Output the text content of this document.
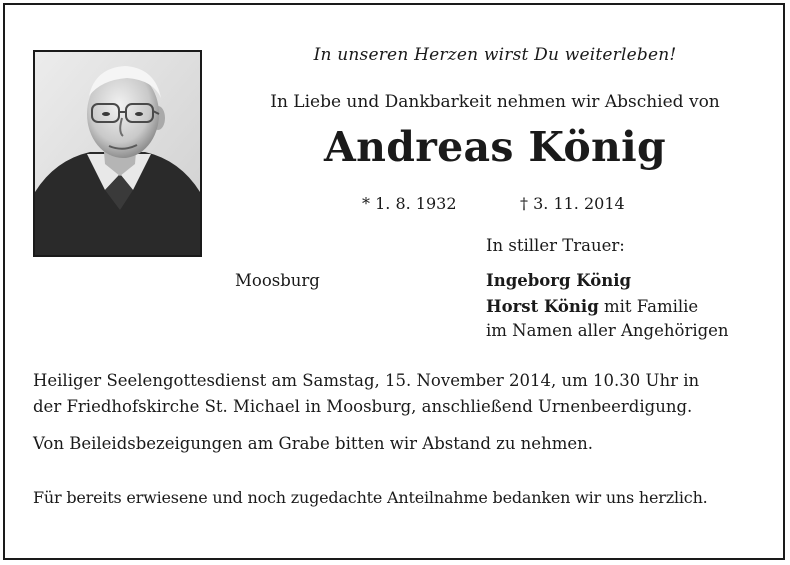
In unseren Herzen wirst Du weiterleben!
In Liebe und Dankbarkeit nehmen wir Abschied von
Andreas König
* 1. 8. 1932	† 3. 11. 2014
In stiller Trauer:
Moosburg	Ingeborg König
Horst König mit Familie
im Namen aller Angehörigen
Heiliger Seelengottesdienst am Samstag, 15. November 2014, um 10.30 Uhr in
der Friedhofskirche St. Michael in Moosburg, anschließend Urnenbeerdigung.
Von Beileidsbezeigungen am Grabe bitten wir Abstand zu nehmen.
Für bereits erwiesene und noch zugedachte Anteilnahme bedanken wir uns herzlich.
